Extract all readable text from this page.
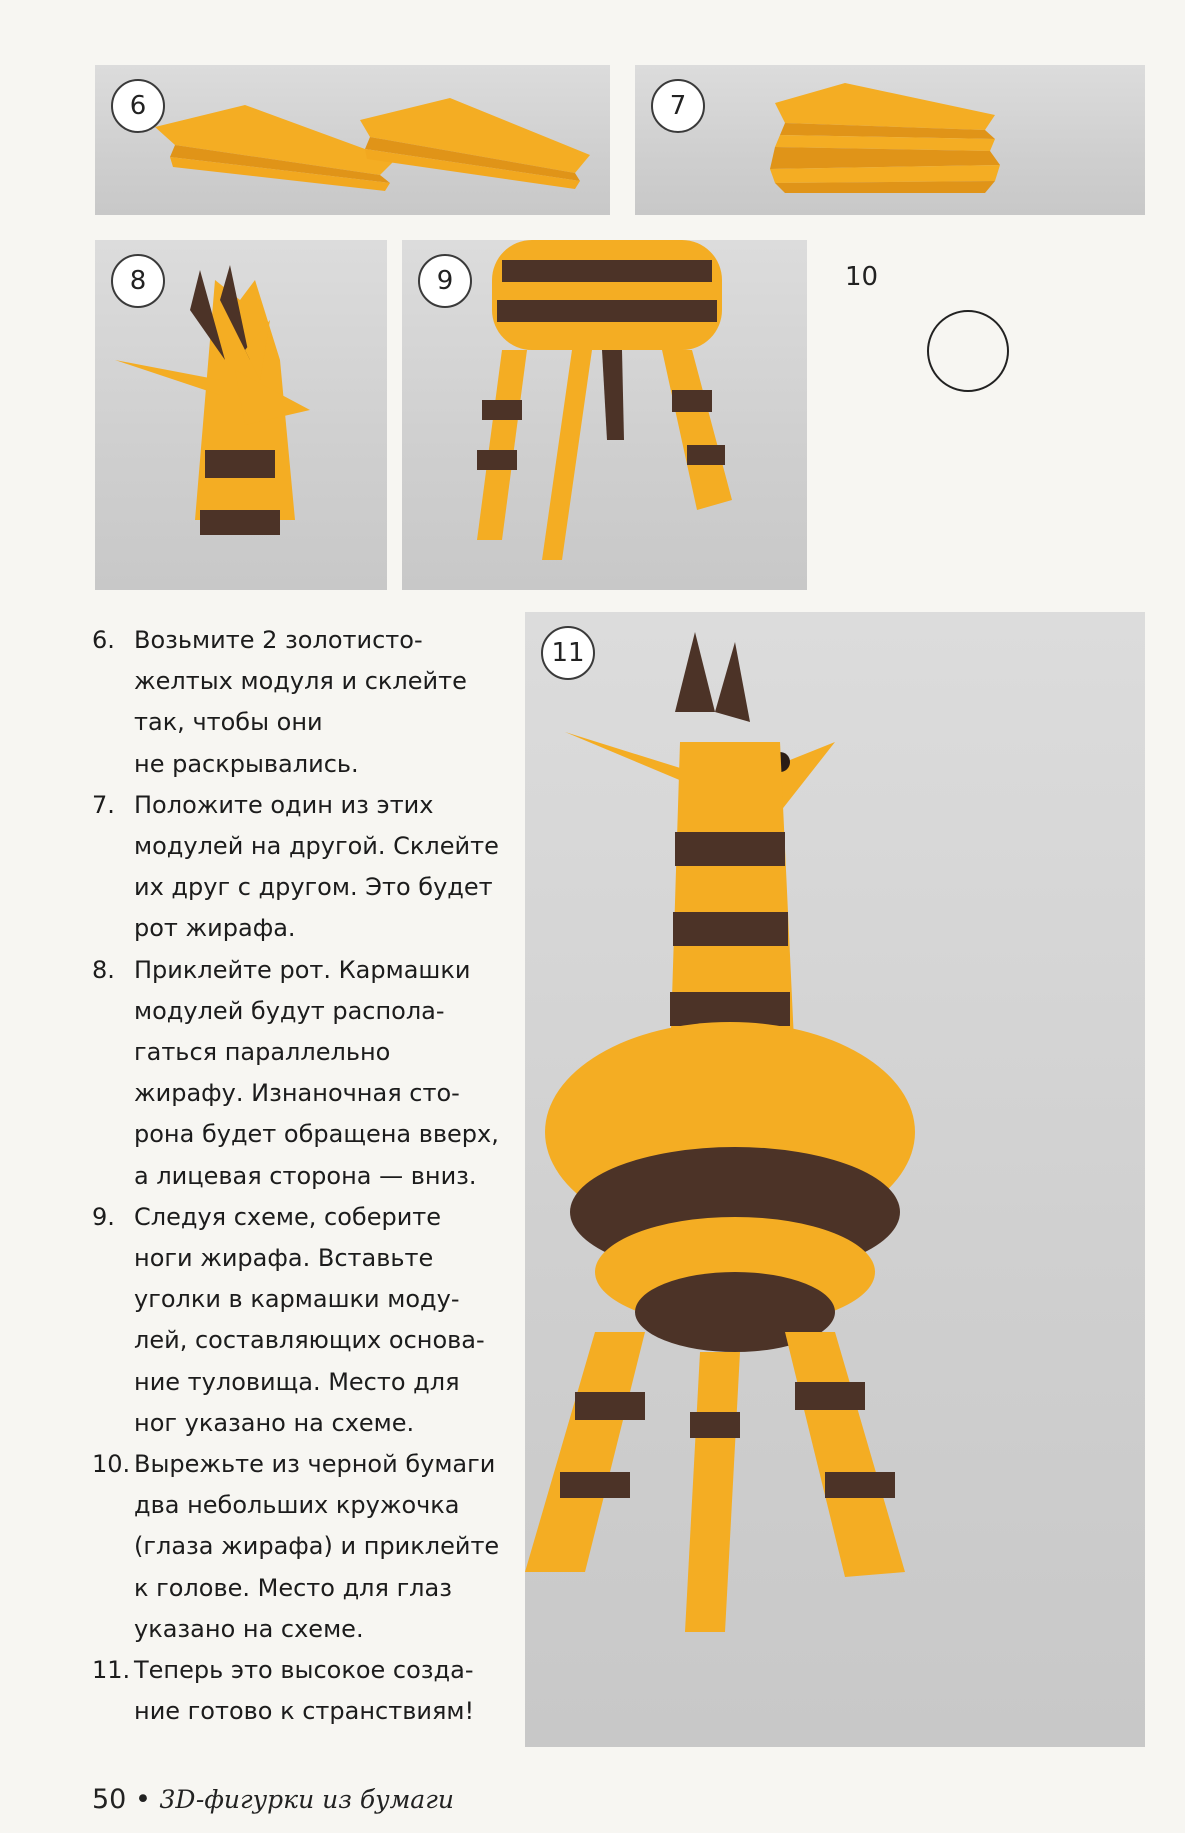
6	7
8	9	10
11
6. Возьмите 2 золотисто-
желтых модуля и склейте
так, чтобы они
не раскрывались.
7. Положите один из этих
модулей на другой. Склейте
их друг с другом. Это будет
рот жирафа.
8. Приклейте рот. Кармашки
модулей будут распола-
гаться параллельно
жирафу. Изнаночная сто-
рона будет обращена вверх,
а лицевая сторона — вниз.
9. Следуя схеме, соберите
ноги жирафа. Вставьте
уголки в кармашки моду-
лей, составляющих основа-
ние туловища. Место для
ног указано на схеме.
10. Вырежьте из черной бумаги
два небольших кружочка
(глаза жирафа) и приклейте
к голове. Место для глаз
указано на схеме.
11. Теперь это высокое созда-
ние готово к странствиям!
50 • 3D-фигурки из бумаги
